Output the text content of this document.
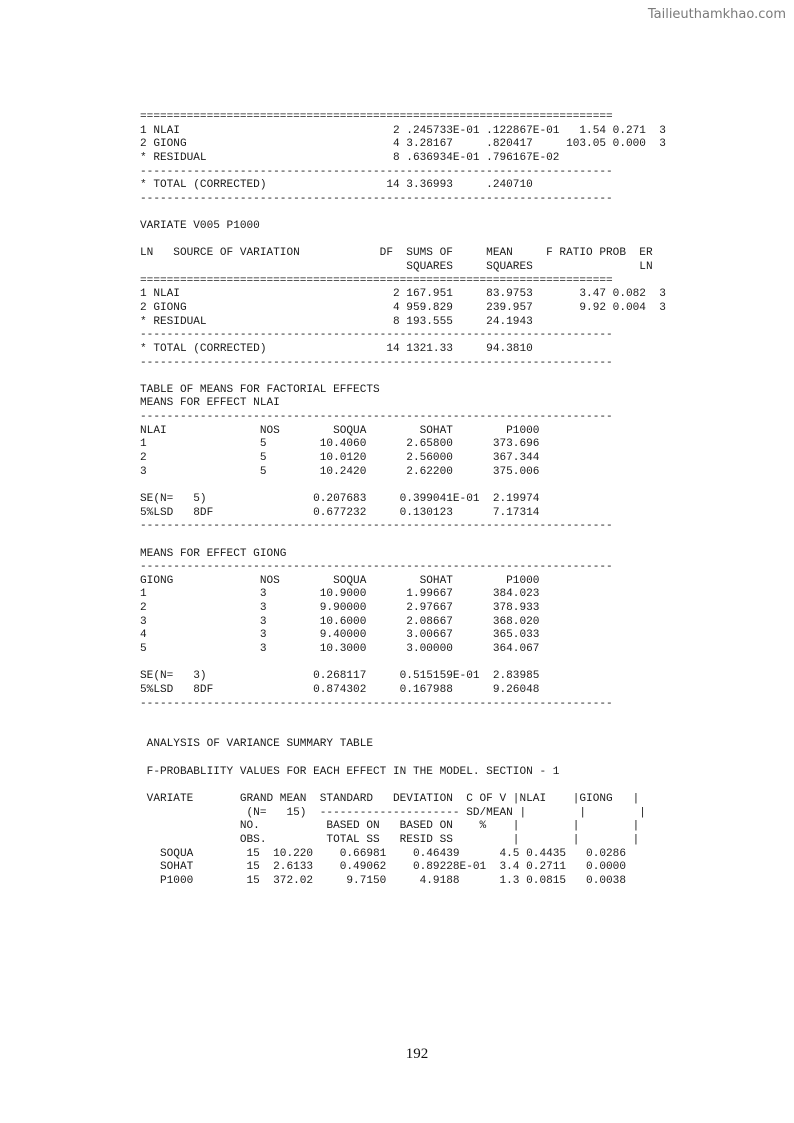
Tailieuthamkhao.com
=======================================================================
1 NLAI                                2 .245733E-01 .122867E-01   1.54 0.271  3
2 GIONG                               4 3.28167     .820417     103.05 0.000  3
* RESIDUAL                            8 .636934E-01 .796167E-02
-----------------------------------------------------------------------
* TOTAL (CORRECTED)                  14 3.36993     .240710
-----------------------------------------------------------------------
VARIATE V005 P1000
LN   SOURCE OF VARIATION            DF  SUMS OF     MEAN     F RATIO PROB  ER
SQUARES     SQUARES                LN
=======================================================================
1 NLAI                                2 167.951     83.9753       3.47 0.082  3
2 GIONG                               4 959.829     239.957       9.92 0.004  3
* RESIDUAL                            8 193.555     24.1943
-----------------------------------------------------------------------
* TOTAL (CORRECTED)                  14 1321.33     94.3810
-----------------------------------------------------------------------
TABLE OF MEANS FOR FACTORIAL EFFECTS
MEANS FOR EFFECT NLAI
-----------------------------------------------------------------------
NLAI              NOS        SOQUA        SOHAT        P1000
1                 5        10.4060      2.65800      373.696
2                 5        10.0120      2.56000      367.344
3                 5        10.2420      2.62200      375.006
SE(N=   5)                0.207683     0.399041E-01  2.19974
5%LSD   8DF               0.677232     0.130123      7.17314
-----------------------------------------------------------------------
MEANS FOR EFFECT GIONG
-----------------------------------------------------------------------
GIONG             NOS        SOQUA        SOHAT        P1000
1                 3        10.9000      1.99667      384.023
2                 3        9.90000      2.97667      378.933
3                 3        10.6000      2.08667      368.020
4                 3        9.40000      3.00667      365.033
5                 3        10.3000      3.00000      364.067
SE(N=   3)                0.268117     0.515159E-01  2.83985
5%LSD   8DF               0.874302     0.167988      9.26048
-----------------------------------------------------------------------
ANALYSIS OF VARIANCE SUMMARY TABLE
F-PROBABLIITY VALUES FOR EACH EFFECT IN THE MODEL. SECTION - 1
VARIATE       GRAND MEAN  STANDARD   DEVIATION  C OF V |NLAI    |GIONG   |
(N=   15)  --------------------- SD/MEAN |        |        |
NO.          BASED ON   BASED ON    %    |        |        |
OBS.         TOTAL SS   RESID SS         |        |        |
SOQUA        15  10.220    0.66981    0.46439      4.5 0.4435   0.0286
SOHAT        15  2.6133    0.49062    0.89228E-01  3.4 0.2711   0.0000
P1000        15  372.02     9.7150     4.9188      1.3 0.0815   0.0038
192
